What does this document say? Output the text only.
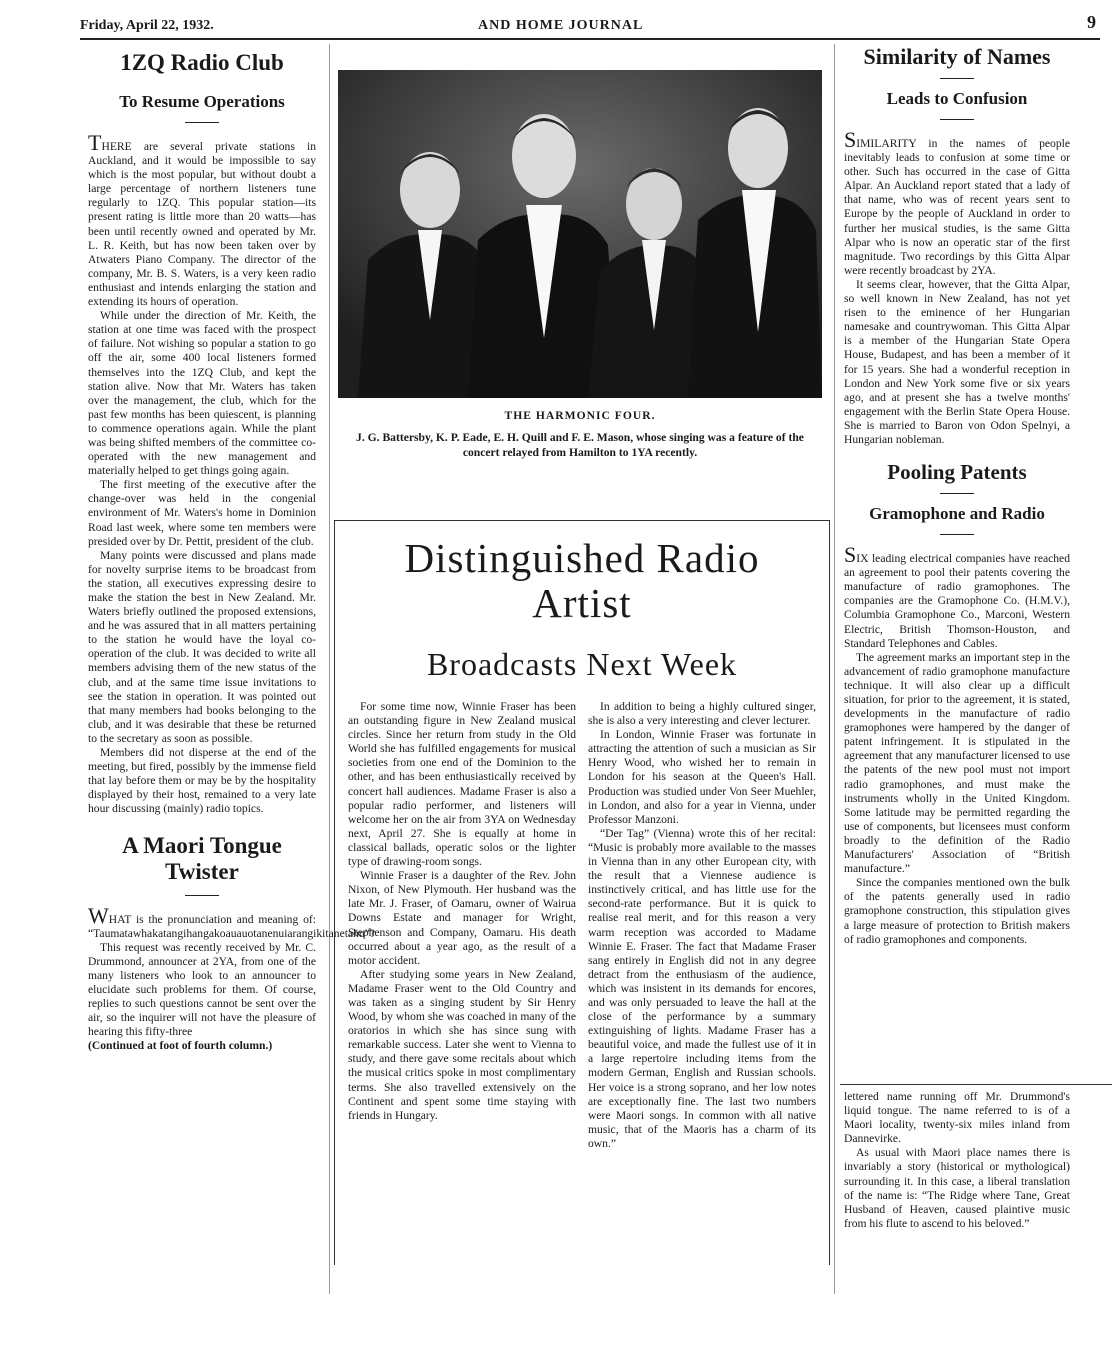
Friday, April 22, 1932.	AND HOME JOURNAL	9
1ZQ Radio Club
To Resume Operations

THERE are several private stations in Auckland, and it would be impossible to say which is the most popular, but without doubt a large percentage of northern listeners tune regularly to 1ZQ. This popular station—its present rating is little more than 20 watts—has been until recently owned and operated by Mr. L. R. Keith, but has now been taken over by Atwaters Piano Company. The director of the company, Mr. B. S. Waters, is a very keen radio enthusiast and intends enlarging the station and extending its hours of operation.

While under the direction of Mr. Keith, the station at one time was faced with the prospect of failure. Not wishing so popular a station to go off the air, some 400 local listeners formed themselves into the 1ZQ Club, and kept the station alive. Now that Mr. Waters has taken over the management, the club, which for the past few months has been quiescent, is planning to commence operations again. While the plant was being shifted members of the committee co-operated with the new management and materially helped to get things going again.

The first meeting of the executive after the change-over was held in the congenial environment of Mr. Waters's home in Dominion Road last week, where some ten members were presided over by Dr. Pettit, president of the club.

Many points were discussed and plans made for novelty surprise items to be broadcast from the station, all executives expressing desire to make the station the best in New Zealand. Mr. Waters briefly outlined the proposed extensions, and he was assured that in all matters pertaining to the station he would have the loyal co-operation of the club. It was decided to write all members advising them of the new status of the club, and at the same time issue invitations to see the station in operation. It was pointed out that many members had books belonging to the club, and it was desirable that these be returned to the secretary as soon as possible.

Members did not disperse at the end of the meeting, but fired, possibly by the immense field that lay before them or may be by the hospitality displayed by their host, remained to a very late hour discussing (mainly) radio topics.

A Maori Tongue Twister

WHAT is the pronunciation and meaning of: “Taumatawhakatangihangakoauauotanenuiarangikitanetahu”?

This request was recently received by Mr. C. Drummond, announcer at 2YA, from one of the many listeners who look to an announcer to elucidate such problems for them. Of course, replies to such questions cannot be sent over the air, so the inquirer will not have the pleasure of hearing this fifty-three

(Continued at foot of fourth column.)

THE HARMONIC FOUR.
J. G. Battersby, K. P. Eade, E. H. Quill and F. E. Mason, whose singing was a feature of the concert relayed from Hamilton to 1YA recently.
Distinguished Radio
Artist
Broadcasts Next Week

For some time now, Winnie Fraser has been an outstanding figure in New Zealand musical circles. Since her return from study in the Old World she has fulfilled engagements for musical societies from one end of the Dominion to the other, and has been enthusiastically received by concert hall audiences. Madame Fraser is also a popular radio performer, and listeners will welcome her on the air from 3YA on Wednesday next, April 27. She is equally at home in classical ballads, operatic solos or the lighter type of drawing-room songs.

Winnie Fraser is a daughter of the Rev. John Nixon, of New Plymouth. Her husband was the late Mr. J. Fraser, of Oamaru, owner of Wairua Downs Estate and manager for Wright, Stephenson and Company, Oamaru. His death occurred about a year ago, as the result of a motor accident.

After studying some years in New Zealand, Madame Fraser went to the Old Country and was taken as a singing student by Sir Henry Wood, by whom she was coached in many of the oratorios in which she has since sung with remarkable success. Later she went to Vienna to study, and there gave some recitals about which the musical critics spoke in most complimentary terms. She also travelled extensively on the Continent and spent some time staying with friends in Hungary.

In addition to being a highly cultured singer, she is also a very interesting and clever lecturer.

In London, Winnie Fraser was fortunate in attracting the attention of such a musician as Sir Henry Wood, who wished her to remain in London for his season at the Queen's Hall. Production was studied under Von Seer Muehler, in London, and also for a year in Vienna, under Professor Manzoni.

“Der Tag” (Vienna) wrote this of her recital: “Music is probably more available to the masses in Vienna than in any other European city, with the result that a Viennese audience is instinctively critical, and has little use for the second-rate performance. But it is quick to realise real merit, and for this reason a very warm reception was accorded to Madame Winnie E. Fraser. The fact that Madame Fraser sang entirely in English did not in any degree detract from the enthusiasm of the audience, which was insistent in its demands for encores, and was only persuaded to leave the hall at the close of the performance by a summary extinguishing of lights. Madame Fraser has a beautiful voice, and made the fullest use of it in a large repertoire including items from the modern German, English and Russian schools. Her voice is a strong soprano, and her low notes are exceptionally fine. The last two numbers were Maori songs. In common with all native music, that of the Maoris has a charm of its own.”

Similarity of Names
Leads to Confusion

SIMILARITY in the names of people inevitably leads to confusion at some time or other. Such has occurred in the case of Gitta Alpar. An Auckland report stated that a lady of that name, who was of recent years sent to Europe by the people of Auckland in order to further her musical studies, is the same Gitta Alpar who is now an operatic star of the first magnitude. Two recordings by this Gitta Alpar were recently broadcast by 2YA.

It seems clear, however, that the Gitta Alpar, so well known in New Zealand, has not yet risen to the eminence of her Hungarian namesake and countrywoman. This Gitta Alpar is a member of the Hungarian State Opera House, Budapest, and has been a member of it for 15 years. She had a wonderful reception in London and New York some five or six years ago, and at present she has a twelve months' engagement with the Berlin State Opera House. She is married to Baron von Odon Spelnyi, a Hungarian nobleman.

Pooling Patents
Gramophone and Radio

SIX leading electrical companies have reached an agreement to pool their patents covering the manufacture of radio gramophones. The companies are the Gramophone Co. (H.M.V.), Columbia Gramophone Co., Marconi, Western Electric, British Thomson-Houston, and Standard Telephones and Cables.

The agreement marks an important step in the advancement of radio gramophone manufacture technique. It will also clear up a difficult situation, for prior to the agreement, it is stated, developments in the manufacture of radio gramophones were hampered by the danger of patent infringement. It is stipulated in the agreement that any manufacturer licensed to use the patents of the new pool must not import radio gramophones, and must make the instruments wholly in the United Kingdom. Some latitude may be permitted regarding the use of components, but licensees must conform broadly to the definition of the Radio Manufacturers' Association of “British manufacture.”

Since the companies mentioned own the bulk of the patents generally used in radio gramophone construction, this stipulation gives a large measure of protection to British makers of radio gramophones and components.

lettered name running off Mr. Drummond's liquid tongue. The name referred to is of a Maori locality, twenty-six miles inland from Dannevirke.

As usual with Maori place names there is invariably a story (historical or mythological) surrounding it. In this case, a liberal translation of the name is: “The Ridge where Tane, Great Husband of Heaven, caused plaintive music from his flute to ascend to his beloved.”
